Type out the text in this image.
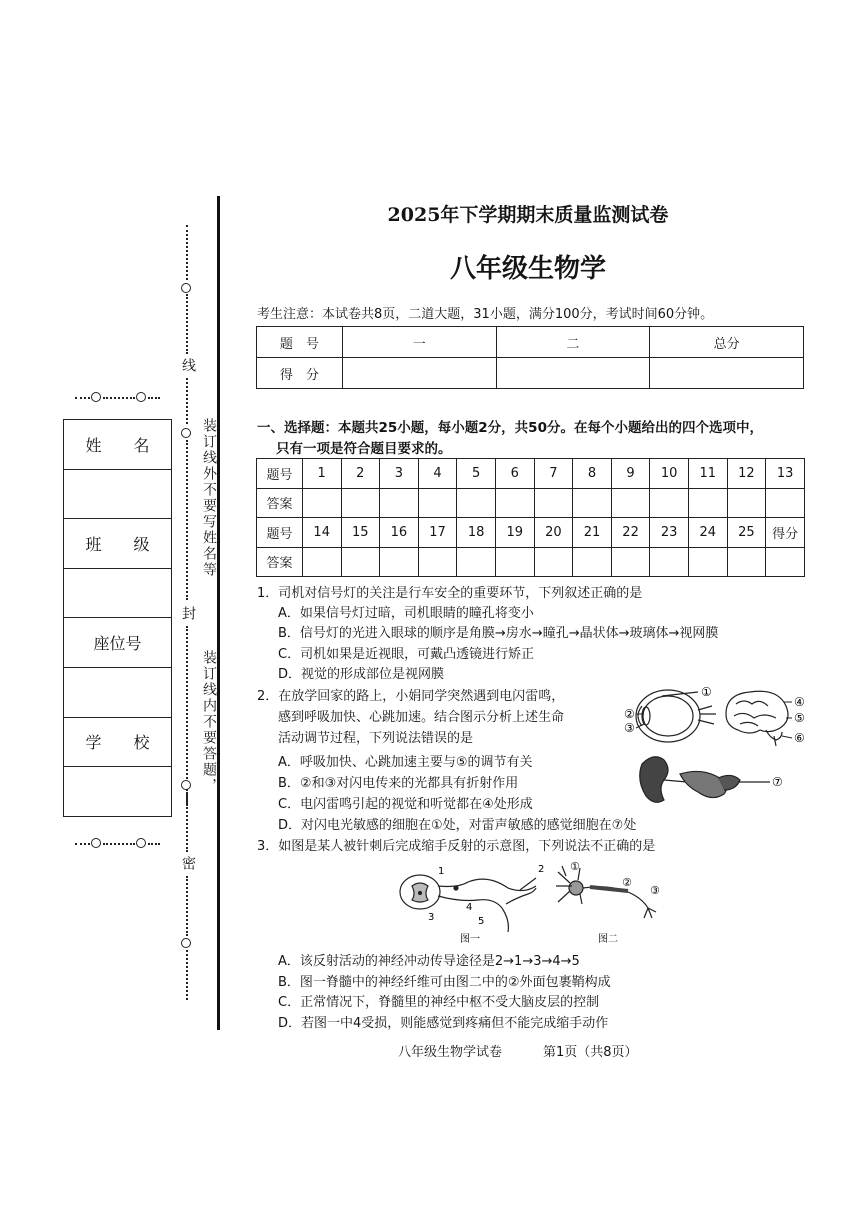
线
封
密
装订线外不要写姓名等
装订线内不要答题，
姓　　名
班　　级
座位号
学　　校
2025年下学期期末质量监测试卷
八年级生物学
考生注意：本试卷共8页，二道大题，31小题，满分100分，考试时间60分钟。
题　号	一	二	总分
得　分			
一、选择题：本题共25小题，每小题2分，共50分。在每个小题给出的四个选项中，
只有一项是符合题目要求的。
题号	1	2	3	4	5	6	7	8	9	10	11	12	13
答案													
题号	14	15	16	17	18	19	20	21	22	23	24	25	得分
答案													
1．司机对信号灯的关注是行车安全的重要环节，下列叙述正确的是
A．如果信号灯过暗，司机眼睛的瞳孔将变小
B．信号灯的光进入眼球的顺序是角膜→房水→瞳孔→晶状体→玻璃体→视网膜
C．司机如果是近视眼，可戴凸透镜进行矫正
D．视觉的形成部位是视网膜
2．在放学回家的路上，小娟同学突然遇到电闪雷鸣，
感到呼吸加快、心跳加速。结合图示分析上述生命
活动调节过程，下列说法错误的是
A．呼吸加快、心跳加速主要与⑤的调节有关
B．②和③对闪电传来的光都具有折射作用
C．电闪雷鸣引起的视觉和听觉都在④处形成
D．对闪电光敏感的细胞在①处，对雷声敏感的感觉细胞在⑦处
①
②
③
④
⑤
⑥
⑦
3．如图是某人被针刺后完成缩手反射的示意图，下列说法不正确的是
1	2
3
4
5
图一
①
②
③
图二
A．该反射活动的神经冲动传导途径是2→1→3→4→5
B．图一脊髓中的神经纤维可由图二中的②外面包裹鞘构成
C．正常情况下，脊髓里的神经中枢不受大脑皮层的控制
D．若图一中4受损，则能感觉到疼痛但不能完成缩手动作
八年级生物学试卷	第1页（共8页）
